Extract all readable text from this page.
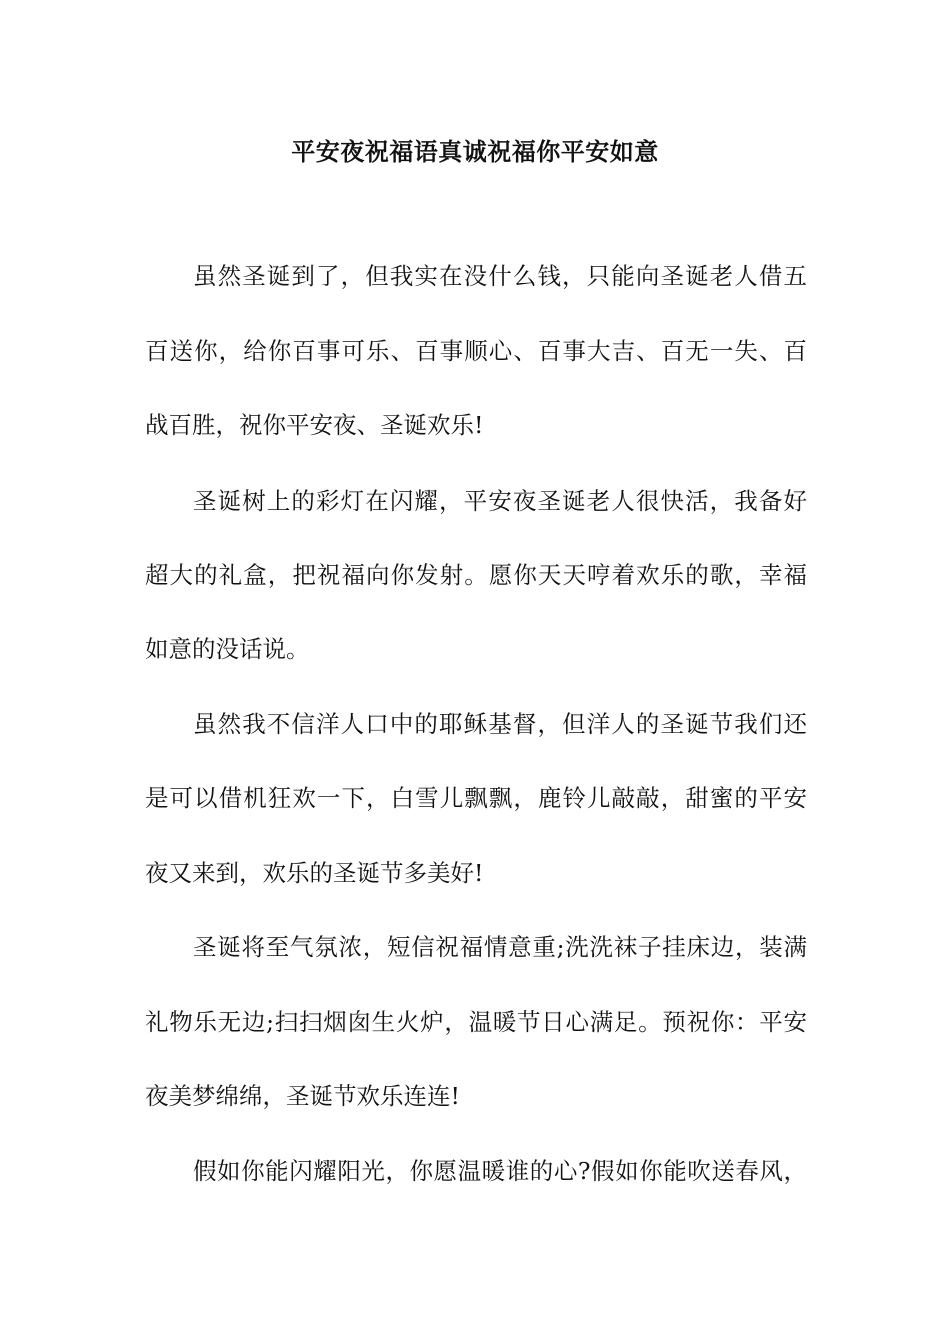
平安夜祝福语真诚祝福你平安如意

虽然圣诞到了，但我实在没什么钱，只能向圣诞老人借五

百送你，给你百事可乐、百事顺心、百事大吉、百无一失、百

战百胜，祝你平安夜、圣诞欢乐!

圣诞树上的彩灯在闪耀，平安夜圣诞老人很快活，我备好

超大的礼盒，把祝福向你发射。愿你天天哼着欢乐的歌，幸福

如意的没话说。

虽然我不信洋人口中的耶稣基督，但洋人的圣诞节我们还

是可以借机狂欢一下，白雪儿飘飘，鹿铃儿敲敲，甜蜜的平安

夜又来到，欢乐的圣诞节多美好!

圣诞将至气氛浓，短信祝福情意重;洗洗袜子挂床边，装满

礼物乐无边;扫扫烟囱生火炉，温暖节日心满足。预祝你：平安

夜美梦绵绵，圣诞节欢乐连连!

假如你能闪耀阳光，你愿温暖谁的心?假如你能吹送春风，
